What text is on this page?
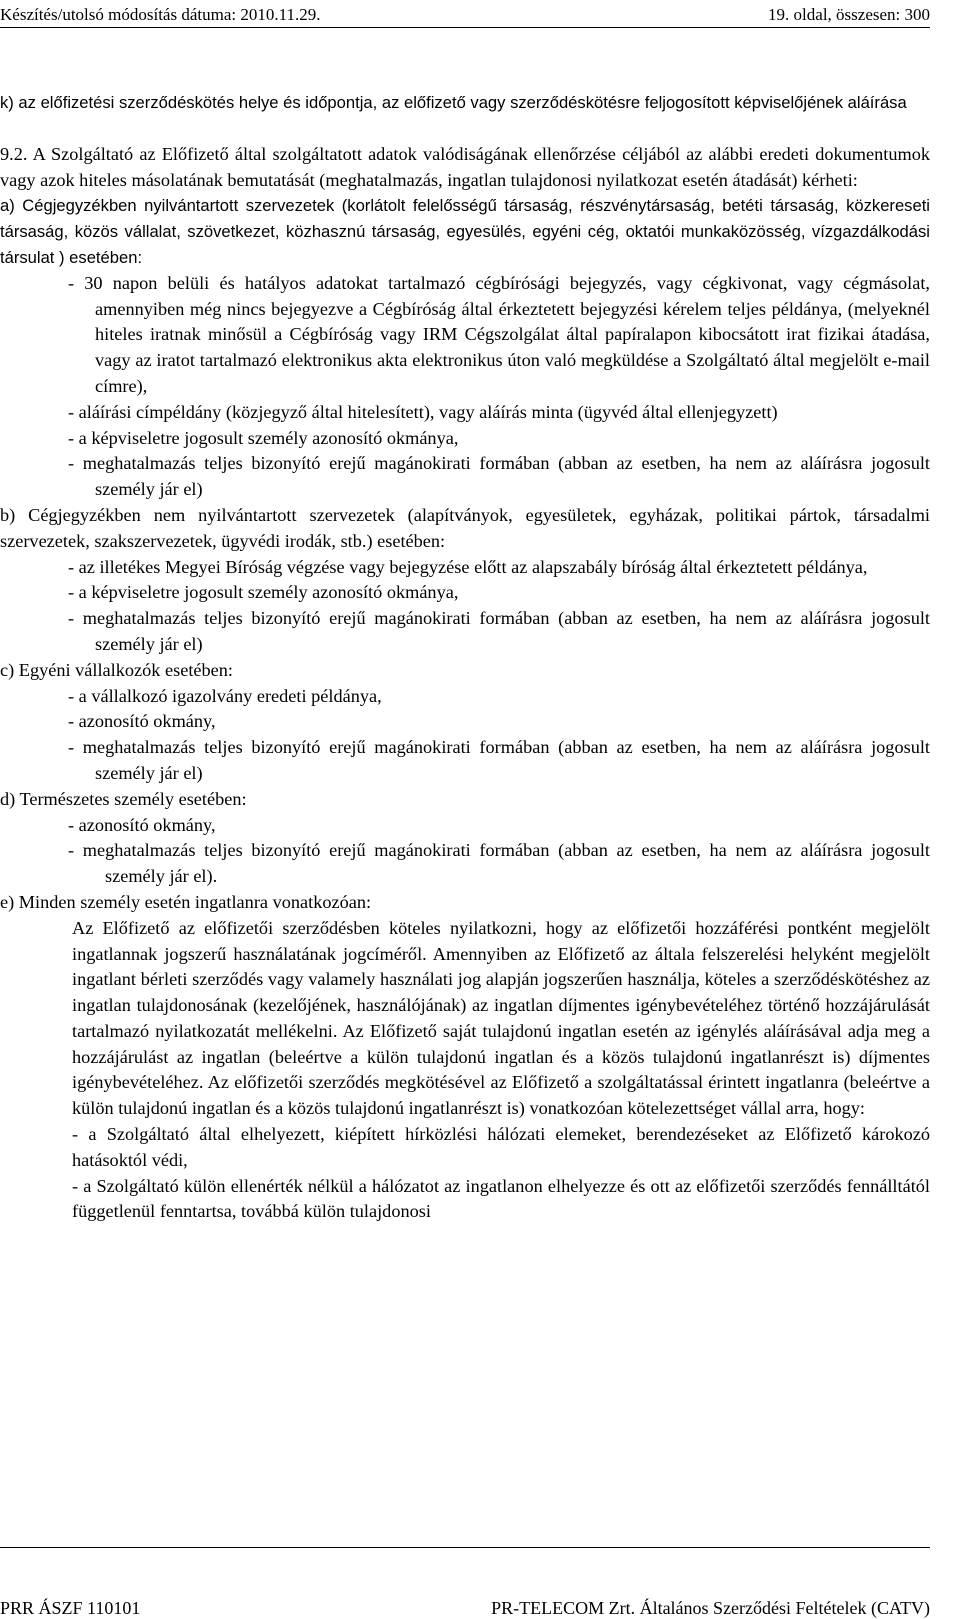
Készítés/utolsó módosítás dátuma: 2010.11.29.	19. oldal, összesen: 300
k) az előfizetési szerződéskötés helye és időpontja, az előfizető vagy szerződéskötésre feljogosított képviselőjének aláírása
9.2. A Szolgáltató az Előfizető által szolgáltatott adatok valódiságának ellenőrzése céljából az alábbi eredeti dokumentumok vagy azok hiteles másolatának bemutatását (meghatalmazás, ingatlan tulajdonosi nyilatkozat esetén átadását) kérheti:
a) Cégjegyzékben nyilvántartott szervezetek (korlátolt felelősségű társaság, részvénytársaság, betéti társaság, közkereseti társaság, közös vállalat, szövetkezet, közhasznú társaság, egyesülés, egyéni cég, oktatói munkaközösség, vízgazdálkodási társulat ) esetében:
- 30 napon belüli és hatályos adatokat tartalmazó cégbírósági bejegyzés, vagy cégkivonat, vagy cégmásolat, amennyiben még nincs bejegyezve a Cégbíróság által érkeztetett bejegyzési kérelem teljes példánya, (melyeknél hiteles iratnak minősül a Cégbíróság vagy IRM Cégszolgálat által papíralapon kibocsátott irat fizikai átadása, vagy az iratot tartalmazó elektronikus akta elektronikus úton való megküldése a Szolgáltató által megjelölt e-mail címre),
- aláírási címpéldány (közjegyző által hitelesített), vagy aláírás minta (ügyvéd által ellenjegyzett)
- a képviseletre jogosult személy azonosító okmánya,
- meghatalmazás teljes bizonyító erejű magánokirati formában (abban az esetben, ha nem az aláírásra jogosult személy jár el)
b) Cégjegyzékben nem nyilvántartott szervezetek (alapítványok, egyesületek, egyházak, politikai pártok, társadalmi szervezetek, szakszervezetek, ügyvédi irodák, stb.) esetében:
- az illetékes Megyei Bíróság végzése vagy bejegyzése előtt az alapszabály bíróság által érkeztetett példánya,
- a képviseletre jogosult személy azonosító okmánya,
- meghatalmazás teljes bizonyító erejű magánokirati formában (abban az esetben, ha nem az aláírásra jogosult személy jár el)
c) Egyéni vállalkozók esetében:
- a vállalkozó igazolvány eredeti példánya,
- azonosító okmány,
- meghatalmazás teljes bizonyító erejű magánokirati formában (abban az esetben, ha nem az aláírásra jogosult személy jár el)
d) Természetes személy esetében:
- azonosító okmány,
- meghatalmazás teljes bizonyító erejű magánokirati formában (abban az esetben, ha nem az aláírásra jogosult személy jár el).
e) Minden személy esetén ingatlanra vonatkozóan:
Az Előfizető az előfizetői szerződésben köteles nyilatkozni, hogy az előfizetői hozzáférési pontként megjelölt ingatlannak jogszerű használatának jogcíméről. Amennyiben az Előfizető az általa felszerelési helyként megjelölt ingatlant bérleti szerződés vagy valamely használati jog alapján jogszerűen használja, köteles a szerződéskötéshez az ingatlan tulajdonosának (kezelőjének, használójának) az ingatlan díjmentes igénybevételéhez történő hozzájárulását tartalmazó nyilatkozatát mellékelni. Az Előfizető saját tulajdonú ingatlan esetén az igénylés aláírásával adja meg a hozzájárulást az ingatlan (beleértve a külön tulajdonú ingatlan és a közös tulajdonú ingatlanrészt is) díjmentes igénybevételéhez. Az előfizetői szerződés megkötésével az Előfizető a szolgáltatással érintett ingatlanra (beleértve a külön tulajdonú ingatlan és a közös tulajdonú ingatlanrészt is) vonatkozóan kötelezettséget vállal arra, hogy:
- a Szolgáltató által elhelyezett, kiépített hírközlési hálózati elemeket, berendezéseket az Előfizető károkozó hatásoktól védi,
- a Szolgáltató külön ellenérték nélkül a hálózatot az ingatlanon elhelyezze és ott az előfizetői szerződés fennálltától függetlenül fenntartsa, továbbá külön tulajdonosi
PRR ÁSZF 110101	PR-TELECOM Zrt. Általános Szerződési Feltételek (CATV)
